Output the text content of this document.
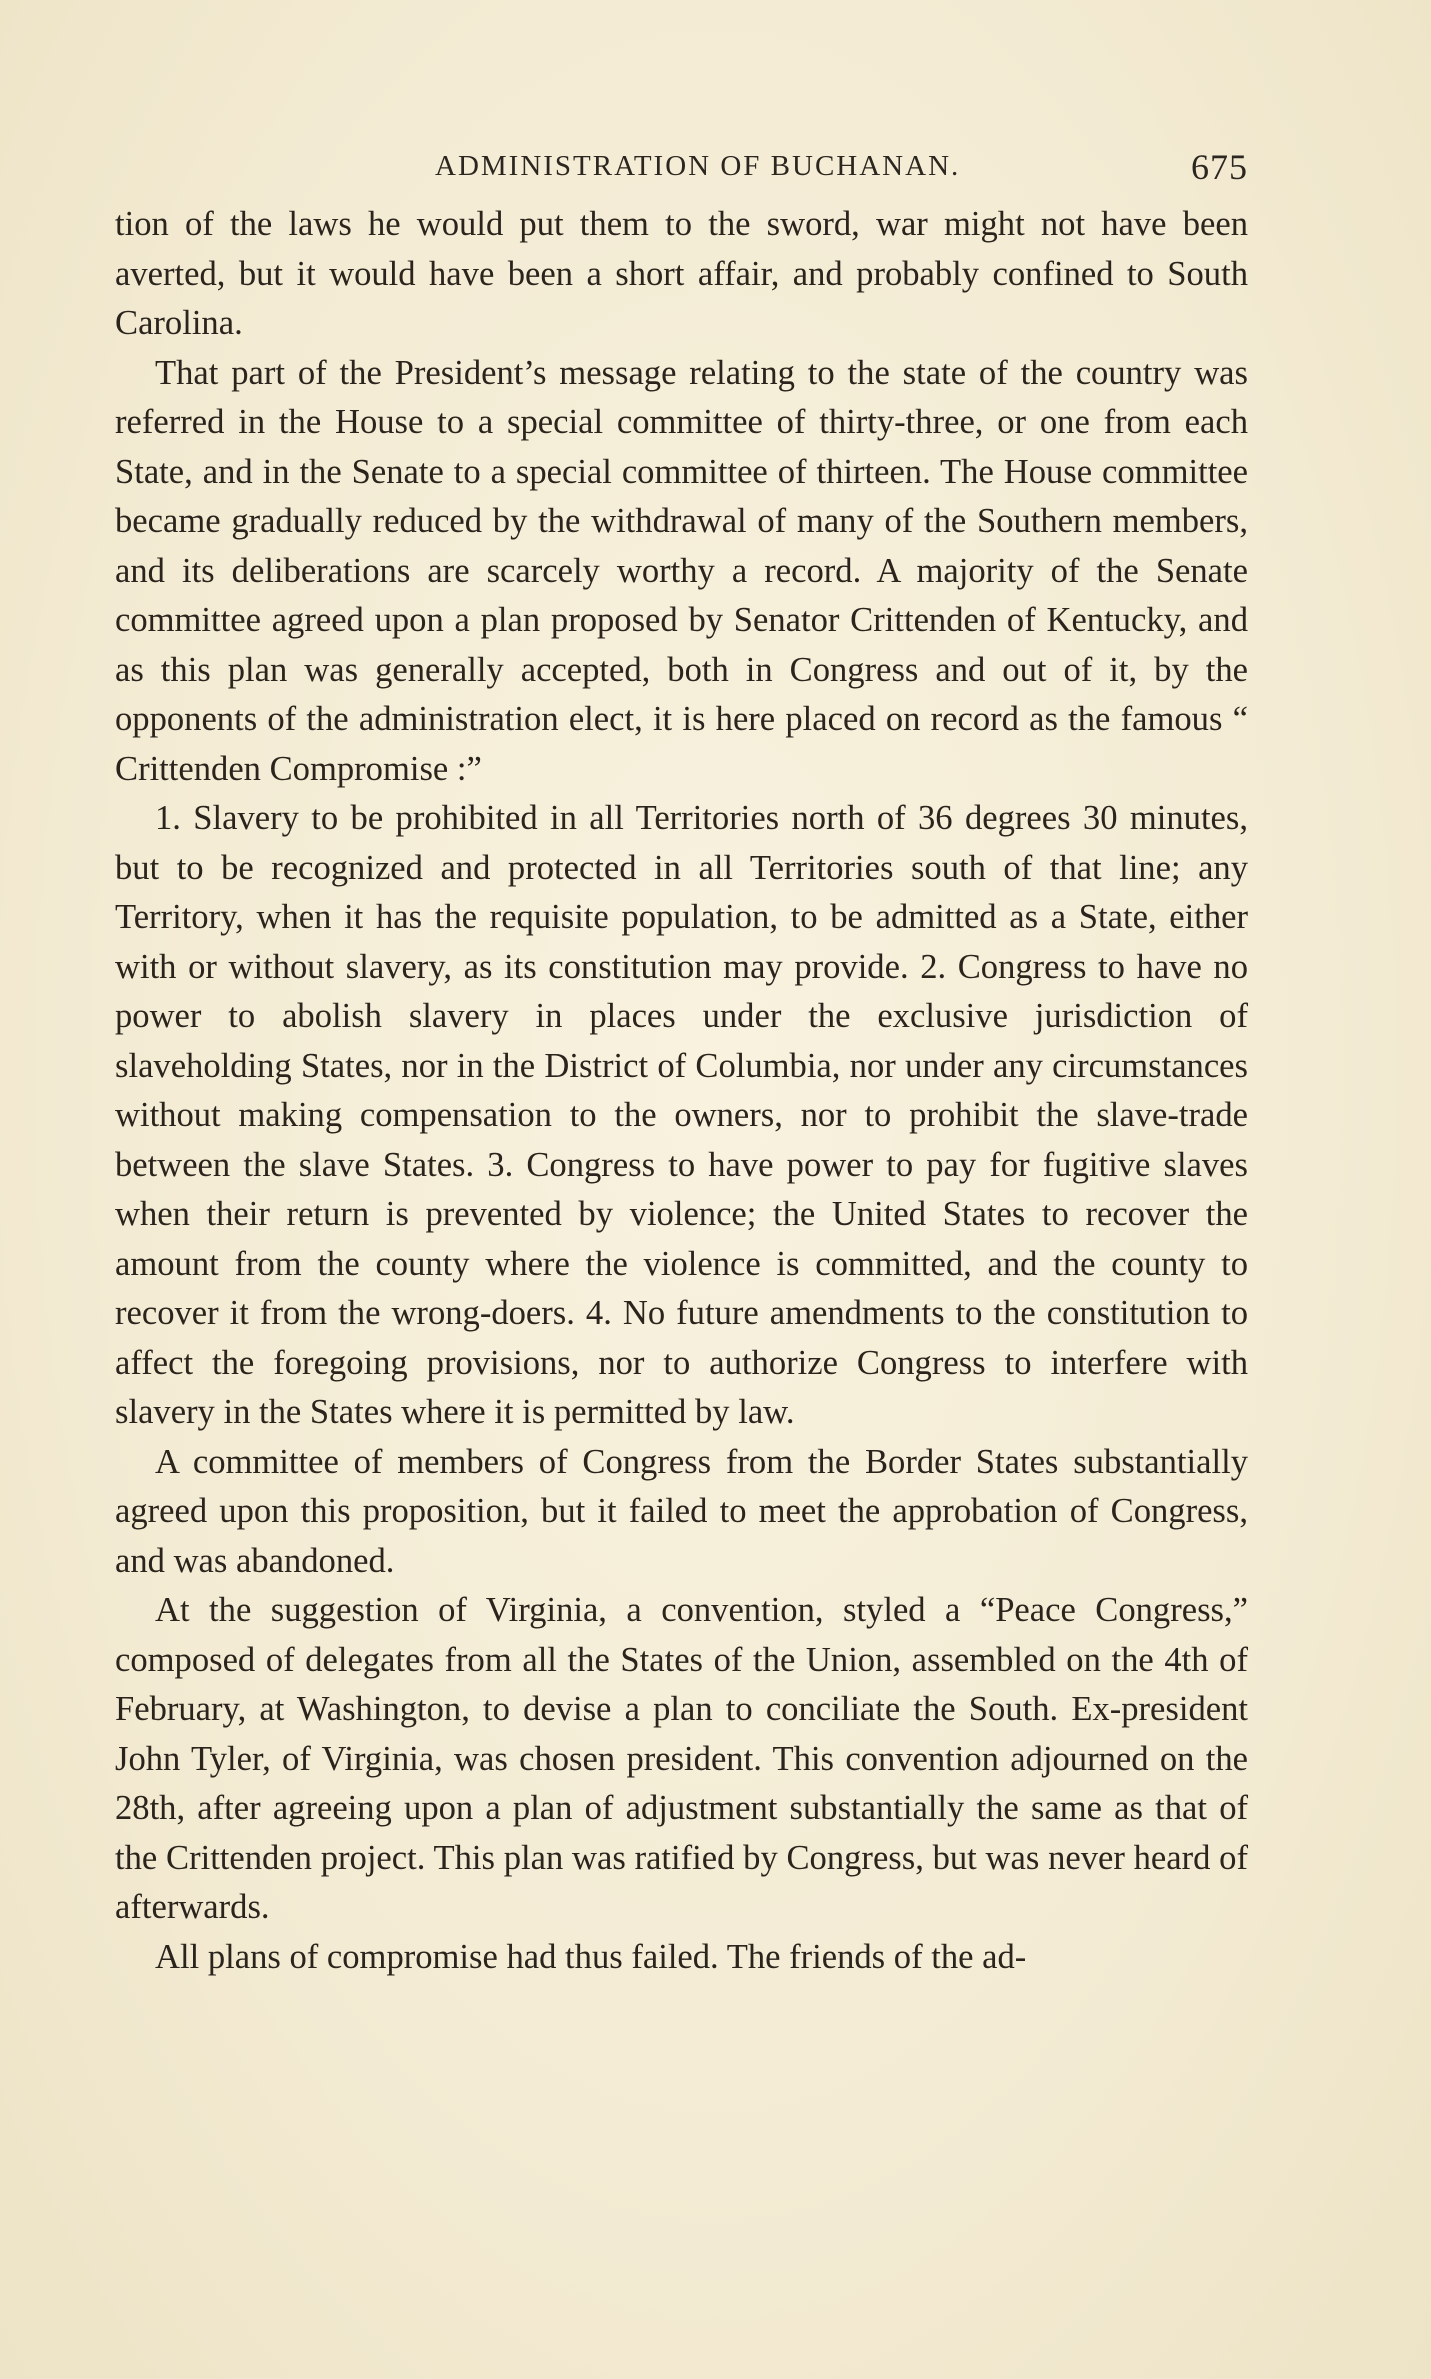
ADMINISTRATION OF BUCHANAN.	675

tion of the laws he would put them to the sword, war might not have been averted, but it would have been a short affair, and probably confined to South Carolina.

That part of the President’s message relating to the state of the country was referred in the House to a special committee of thirty-three, or one from each State, and in the Senate to a special committee of thirteen. The House committee became gradually reduced by the withdrawal of many of the Southern members, and its deliberations are scarcely worthy a record. A majority of the Senate committee agreed upon a plan proposed by Senator Crittenden of Kentucky, and as this plan was generally accepted, both in Congress and out of it, by the opponents of the administration elect, it is here placed on record as the famous “ Crittenden Compromise :”

1. Slavery to be prohibited in all Territories north of 36 degrees 30 minutes, but to be recognized and protected in all Territories south of that line; any Territory, when it has the requisite population, to be admitted as a State, either with or without slavery, as its constitution may provide. 2. Congress to have no power to abolish slavery in places under the exclusive jurisdiction of slaveholding States, nor in the District of Columbia, nor under any circumstances without making compensation to the owners, nor to prohibit the slave-trade between the slave States. 3. Congress to have power to pay for fugitive slaves when their return is prevented by violence; the United States to recover the amount from the county where the violence is committed, and the county to recover it from the wrong-doers. 4. No future amendments to the constitution to affect the foregoing provisions, nor to authorize Congress to interfere with slavery in the States where it is permitted by law.

A committee of members of Congress from the Border States substantially agreed upon this proposition, but it failed to meet the approbation of Congress, and was abandoned.

At the suggestion of Virginia, a convention, styled a “Peace Congress,” composed of delegates from all the States of the Union, assembled on the 4th of February, at Washington, to devise a plan to conciliate the South. Ex-president John Tyler, of Virginia, was chosen president. This convention adjourned on the 28th, after agreeing upon a plan of adjustment substantially the same as that of the Crittenden project. This plan was ratified by Congress, but was never heard of afterwards.

All plans of compromise had thus failed. The friends of the ad-
